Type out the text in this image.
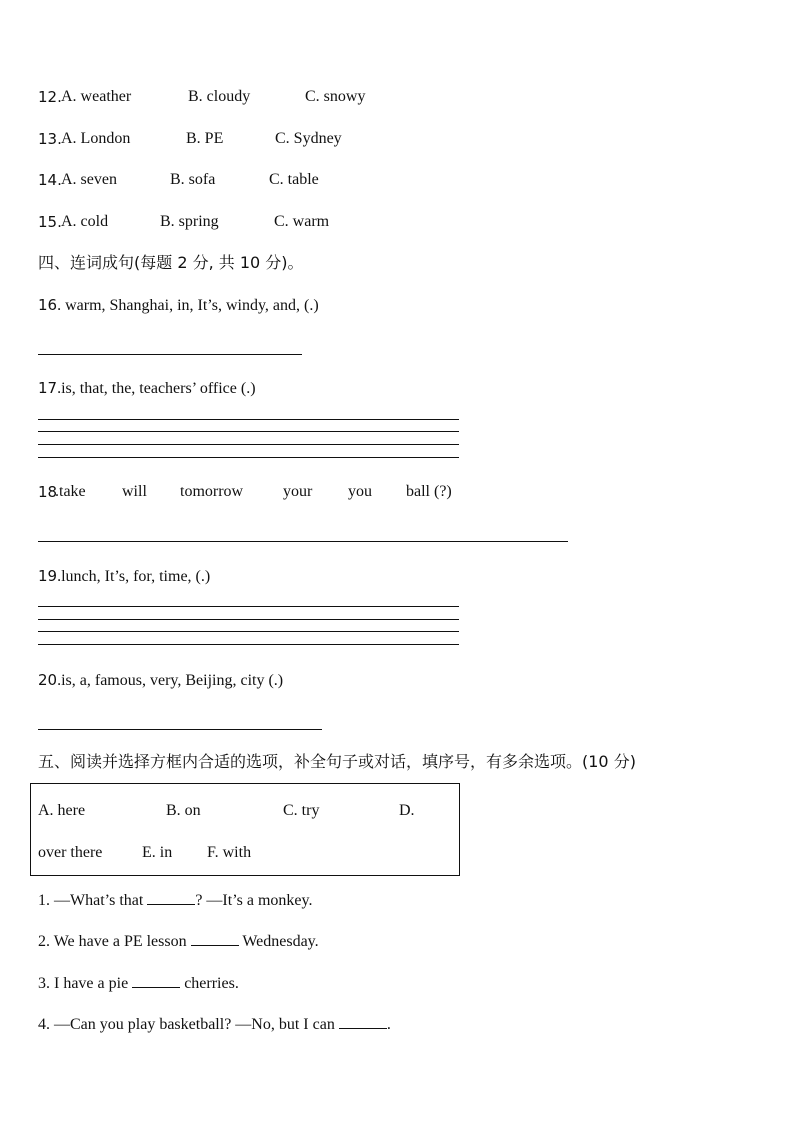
12. A. weather	B. cloudy	C. snowy
13. A. London	B. PE	C. Sydney
14. A. seven	B. sofa	C. table
15. A. cold	B. spring	C. warm
四、连词成句(每题 2 分, 共 10 分)。
16. warm, Shanghai, in, It’s, windy, and, (.)
17.is, that, the, teachers’ office (.)
18
.take will tomorrow your you ball (?)
19.lunch, It’s, for, time, (.)
20.is, a, famous, very, Beijing, city (.)
五、阅读并选择方框内合适的选项，补全句子或对话，填序号，有多余选项。(10 分)
A. here	B. on	C. try	D.
over there E. in F. with
1. —What’s that	? —It’s a monkey.
2. We have a PE lesson	Wednesday.
3. I have a pie	cherries.
4. —Can you play basketball? —No, but I can	.
